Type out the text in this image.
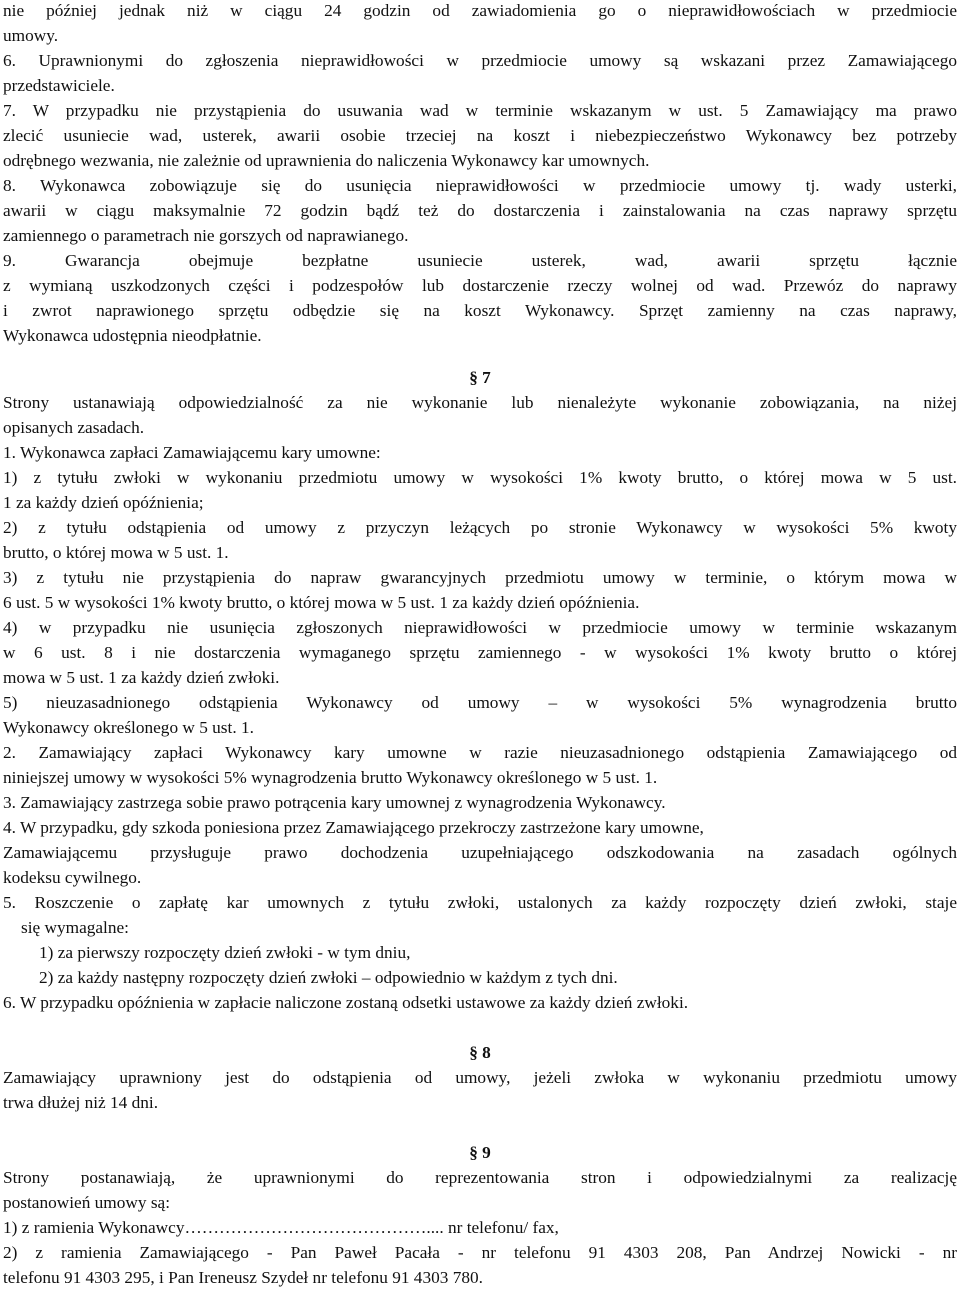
nie później jednak niż w ciągu 24 godzin od zawiadomienia go o nieprawidłowościach w przedmiocie
umowy.
6. Uprawnionymi do zgłoszenia nieprawidłowości w przedmiocie umowy są wskazani przez Zamawiającego
przedstawiciele.
7. W przypadku nie przystąpienia do usuwania wad w terminie wskazanym w ust. 5 Zamawiający ma prawo
zlecić usuniecie wad, usterek, awarii osobie trzeciej na koszt i niebezpieczeństwo Wykonawcy bez potrzeby
odrębnego wezwania, nie zależnie od uprawnienia do naliczenia Wykonawcy kar umownych.
8. Wykonawca zobowiązuje się do usunięcia nieprawidłowości w przedmiocie umowy tj. wady usterki,
awarii w ciągu maksymalnie 72 godzin bądź też do dostarczenia i zainstalowania na czas naprawy sprzętu
zamiennego o parametrach nie gorszych od naprawianego.
9. Gwarancja obejmuje bezpłatne usuniecie usterek, wad, awarii sprzętu łącznie
z wymianą uszkodzonych części i podzespołów lub dostarczenie rzeczy wolnej od wad. Przewóz do naprawy
i zwrot naprawionego sprzętu odbędzie się na koszt Wykonawcy. Sprzęt zamienny na czas naprawy,
Wykonawca udostępnia nieodpłatnie.
§ 7
Strony ustanawiają odpowiedzialność za nie wykonanie lub nienależyte wykonanie zobowiązania, na niżej
opisanych zasadach.
1. Wykonawca zapłaci Zamawiającemu kary umowne:
1) z tytułu zwłoki w wykonaniu przedmiotu umowy w wysokości 1% kwoty brutto, o której mowa w 5 ust.
1 za każdy dzień opóźnienia;
2) z tytułu odstąpienia od umowy z przyczyn leżących po stronie Wykonawcy w wysokości 5% kwoty
brutto, o której mowa w 5 ust. 1.
3) z tytułu nie przystąpienia do napraw gwarancyjnych przedmiotu umowy w terminie, o którym mowa w
6 ust. 5 w wysokości 1% kwoty brutto, o której mowa w 5 ust. 1 za każdy dzień opóźnienia.
4) w przypadku nie usunięcia zgłoszonych nieprawidłowości w przedmiocie umowy w terminie wskazanym
w 6 ust. 8 i nie dostarczenia wymaganego sprzętu zamiennego - w wysokości 1% kwoty brutto o której
mowa w 5 ust. 1 za każdy dzień zwłoki.
5) nieuzasadnionego odstąpienia Wykonawcy od umowy – w wysokości 5% wynagrodzenia brutto
Wykonawcy określonego w 5 ust. 1.
2. Zamawiający zapłaci Wykonawcy kary umowne w razie nieuzasadnionego odstąpienia Zamawiającego od
niniejszej umowy w wysokości 5% wynagrodzenia brutto Wykonawcy określonego w 5 ust. 1.
3. Zamawiający zastrzega sobie prawo potrącenia kary umownej z wynagrodzenia Wykonawcy.
4. W przypadku, gdy szkoda poniesiona przez Zamawiającego przekroczy zastrzeżone kary umowne,
Zamawiającemu przysługuje prawo dochodzenia uzupełniającego odszkodowania na zasadach ogólnych
kodeksu cywilnego.
5. Roszczenie o zapłatę kar umownych z tytułu zwłoki, ustalonych za każdy rozpoczęty dzień zwłoki, staje
się wymagalne:
1) za pierwszy rozpoczęty dzień zwłoki - w tym dniu,
2) za każdy następny rozpoczęty dzień zwłoki – odpowiednio w każdym z tych dni.
6. W przypadku opóźnienia w zapłacie naliczone zostaną odsetki ustawowe za każdy dzień zwłoki.
§ 8
Zamawiający uprawniony jest do odstąpienia od umowy, jeżeli zwłoka w wykonaniu przedmiotu umowy
trwa dłużej niż 14 dni.
§ 9
Strony postanawiają, że uprawnionymi do reprezentowania stron i odpowiedzialnymi za realizację
postanowień umowy są:
1) z ramienia Wykonawcy…………………………………….... nr telefonu/ fax,
2) z ramienia Zamawiającego - Pan Paweł Pacała - nr telefonu 91 4303 208, Pan Andrzej Nowicki - nr
telefonu 91 4303 295, i Pan Ireneusz Szydeł nr telefonu 91 4303 780.
